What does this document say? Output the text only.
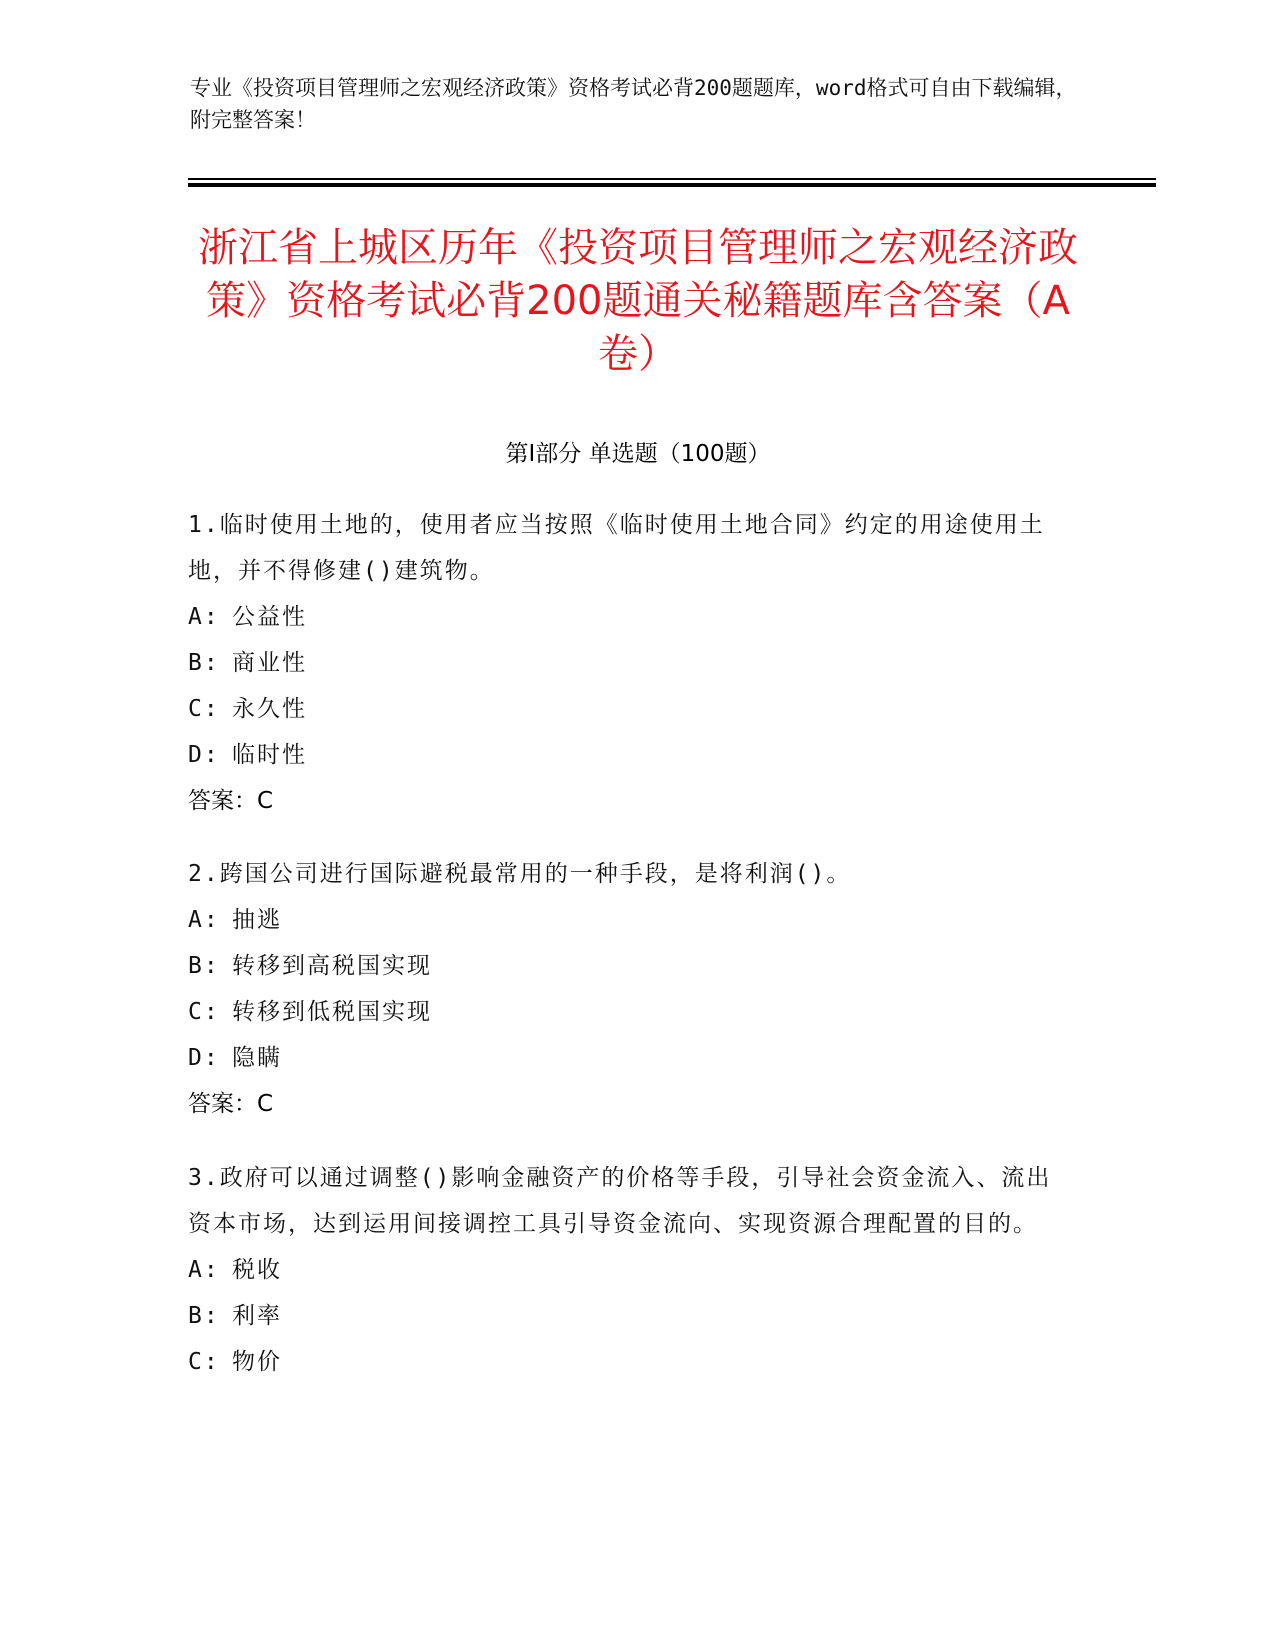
专业《投资项目管理师之宏观经济政策》资格考试必背200题题库，word格式可自由下载编辑，附完整答案！
浙江省上城区历年《投资项目管理师之宏观经济政策》资格考试必背200题通关秘籍题库含答案（A卷）
第Ⅰ部分 单选题（100题）
1.临时使用土地的，使用者应当按照《临时使用土地合同》约定的用途使用土地，并不得修建()建筑物。
A: 公益性
B: 商业性
C: 永久性
D: 临时性
答案：C
2.跨国公司进行国际避税最常用的一种手段，是将利润()。
A: 抽逃
B: 转移到高税国实现
C: 转移到低税国实现
D: 隐瞒
答案：C
3.政府可以通过调整()影响金融资产的价格等手段，引导社会资金流入、流出资本市场，达到运用间接调控工具引导资金流向、实现资源合理配置的目的。
A: 税收
B: 利率
C: 物价
